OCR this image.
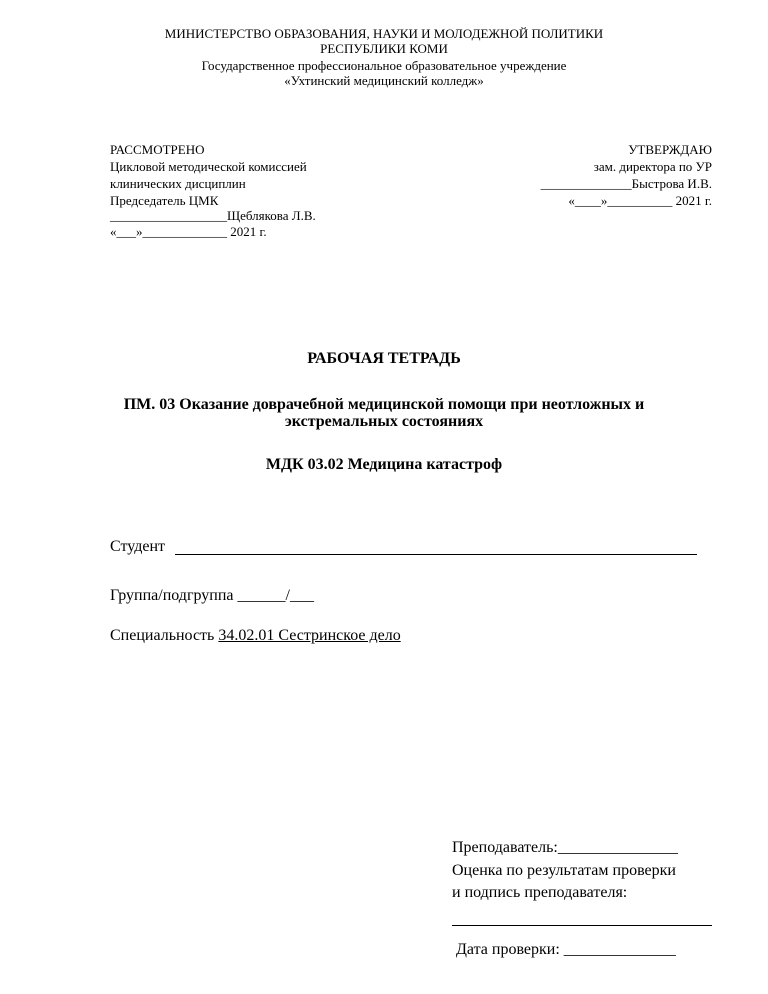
МИНИСТЕРСТВО ОБРАЗОВАНИЯ, НАУКИ И МОЛОДЕЖНОЙ ПОЛИТИКИ
РЕСПУБЛИКИ КОМИ
Государственное профессиональное образовательное учреждение
«Ухтинский медицинский колледж»
РАССМОТРЕНО
Цикловой методической комиссией
клинических дисциплин
Председатель ЦМК
__________________Щеблякова Л.В.
«___»_____________ 2021 г.
УТВЕРЖДАЮ
зам. директора по УР
______________Быстрова И.В.
«____»__________ 2021 г.
РАБОЧАЯ ТЕТРАДЬ
ПМ. 03 Оказание доврачебной медицинской помощи при неотложных и
экстремальных состояниях
МДК 03.02 Медицина катастроф
Студент
Группа/подгруппа ______/___
Специальность 34.02.01 Сестринское дело
Преподаватель:_______________
Оценка по результатам проверки
и подпись преподавателя:
Дата проверки: ______________
